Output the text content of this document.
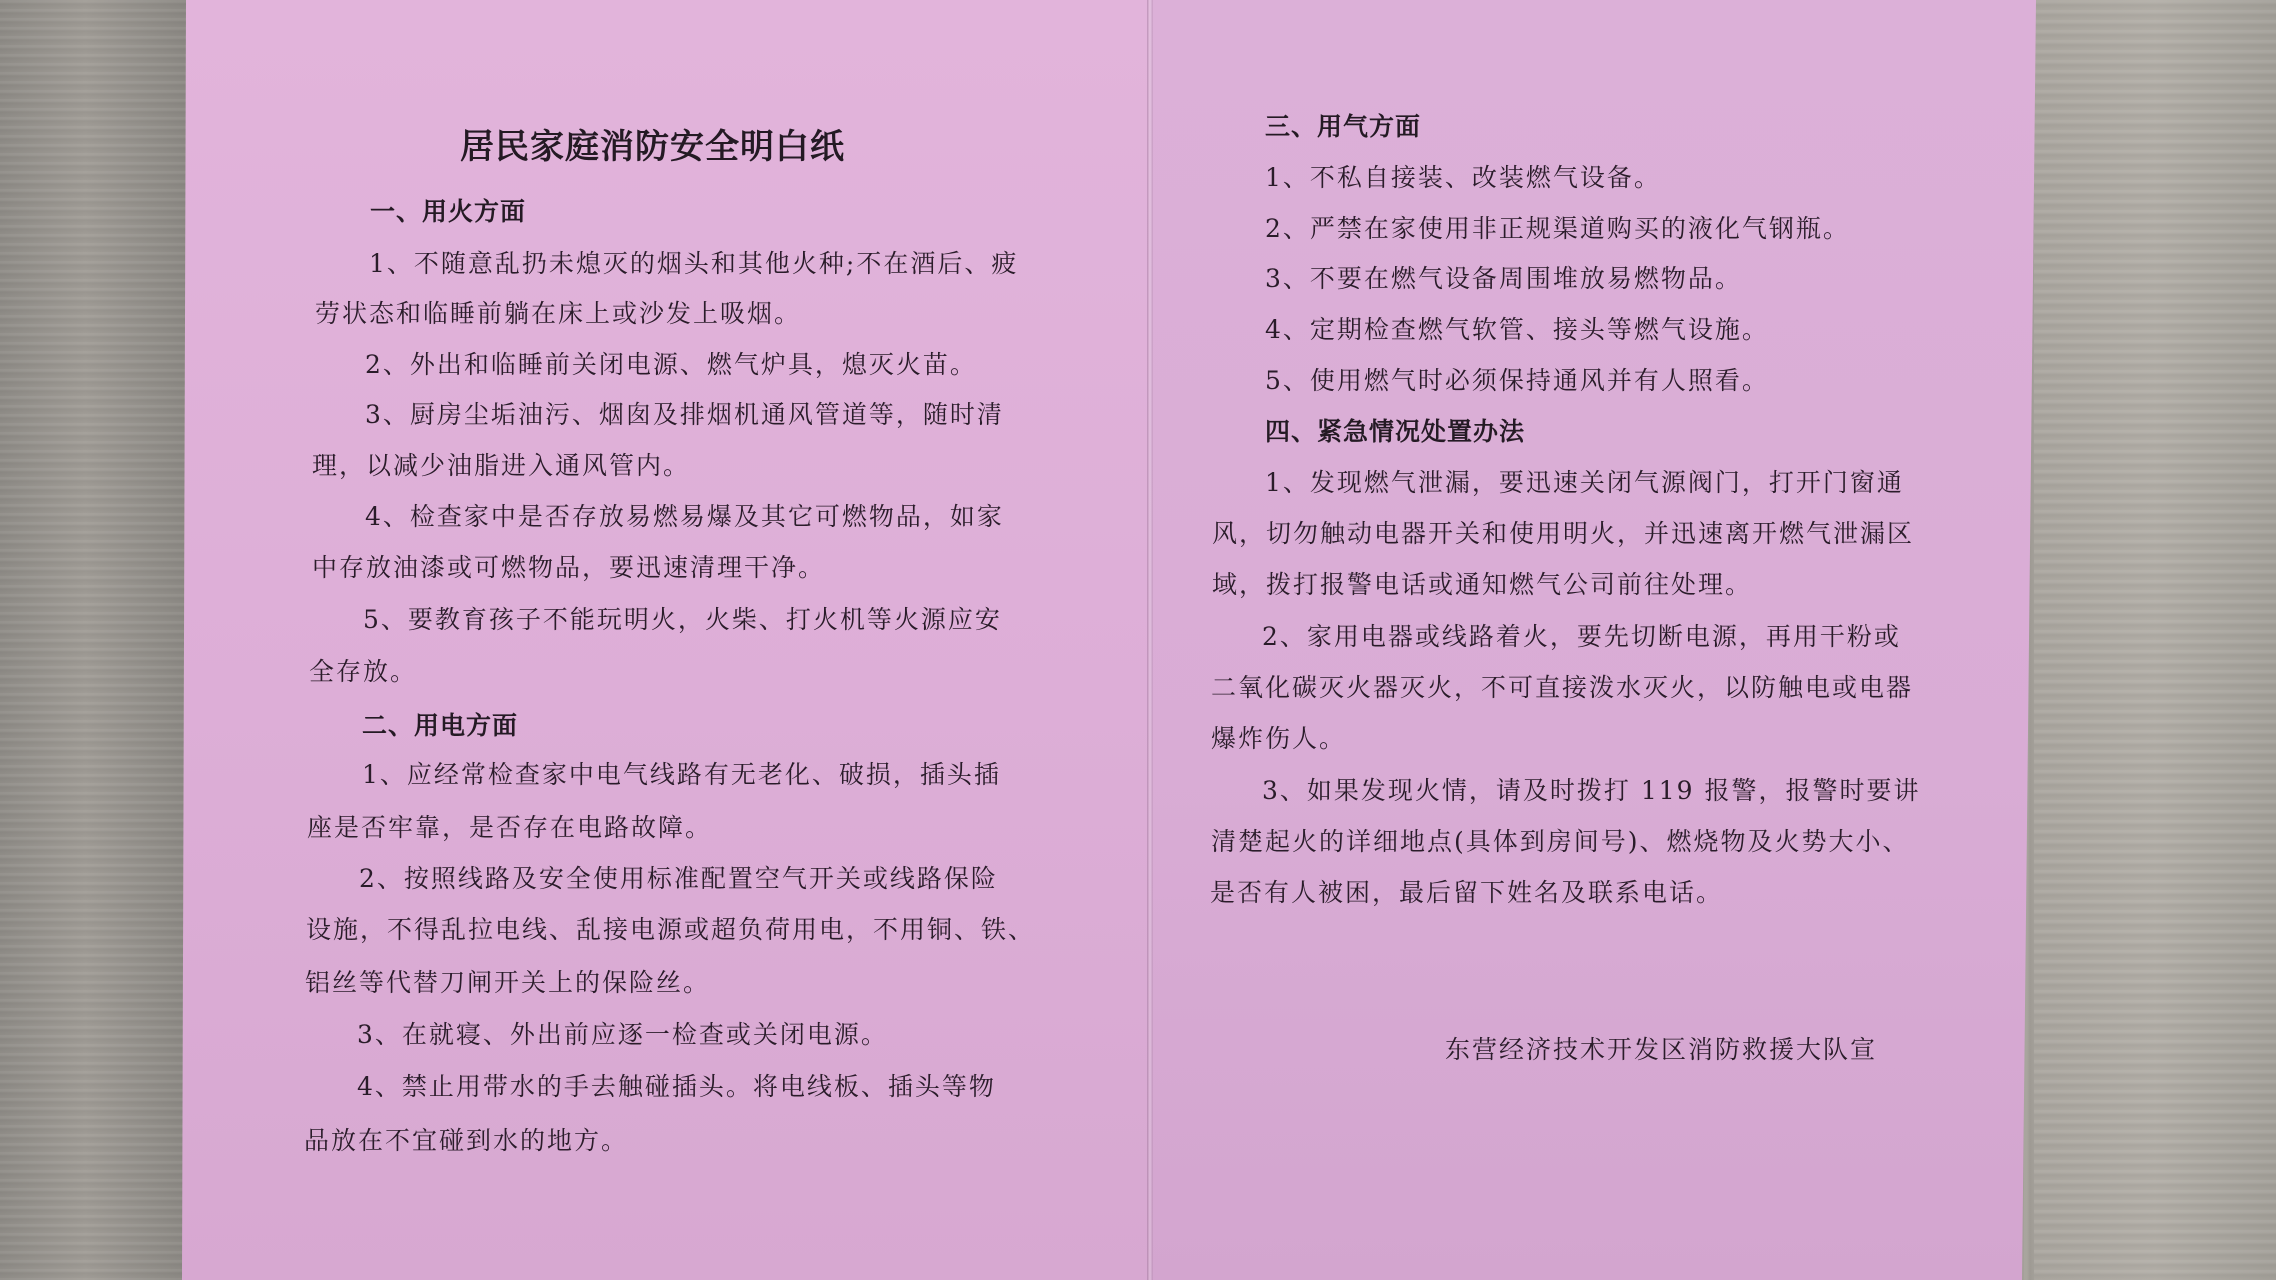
居民家庭消防安全明白纸
一、用火方面

1、不随意乱扔未熄灭的烟头和其他火种;不在酒后、疲

劳状态和临睡前躺在床上或沙发上吸烟。

2、外出和临睡前关闭电源、燃气炉具，熄灭火苗。

3、厨房尘垢油污、烟囱及排烟机通风管道等，随时清

理，以减少油脂进入通风管内。

4、检查家中是否存放易燃易爆及其它可燃物品，如家

中存放油漆或可燃物品，要迅速清理干净。

5、要教育孩子不能玩明火，火柴、打火机等火源应安

全存放。

二、用电方面

1、应经常检查家中电气线路有无老化、破损，插头插

座是否牢靠，是否存在电路故障。

2、按照线路及安全使用标准配置空气开关或线路保险

设施，不得乱拉电线、乱接电源或超负荷用电，不用铜、铁、

铝丝等代替刀闸开关上的保险丝。

3、在就寝、外出前应逐一检查或关闭电源。

4、禁止用带水的手去触碰插头。将电线板、插头等物

品放在不宜碰到水的地方。

三、用气方面

1、不私自接装、改装燃气设备。

2、严禁在家使用非正规渠道购买的液化气钢瓶。

3、不要在燃气设备周围堆放易燃物品。

4、定期检查燃气软管、接头等燃气设施。

5、使用燃气时必须保持通风并有人照看。

四、紧急情况处置办法

1、发现燃气泄漏，要迅速关闭气源阀门，打开门窗通

风，切勿触动电器开关和使用明火，并迅速离开燃气泄漏区

域，拨打报警电话或通知燃气公司前往处理。

2、家用电器或线路着火，要先切断电源，再用干粉或

二氧化碳灭火器灭火，不可直接泼水灭火，以防触电或电器

爆炸伤人。

3、如果发现火情，请及时拨打 119 报警，报警时要讲

清楚起火的详细地点(具体到房间号)、燃烧物及火势大小、

是否有人被困，最后留下姓名及联系电话。

东营经济技术开发区消防救援大队宣
